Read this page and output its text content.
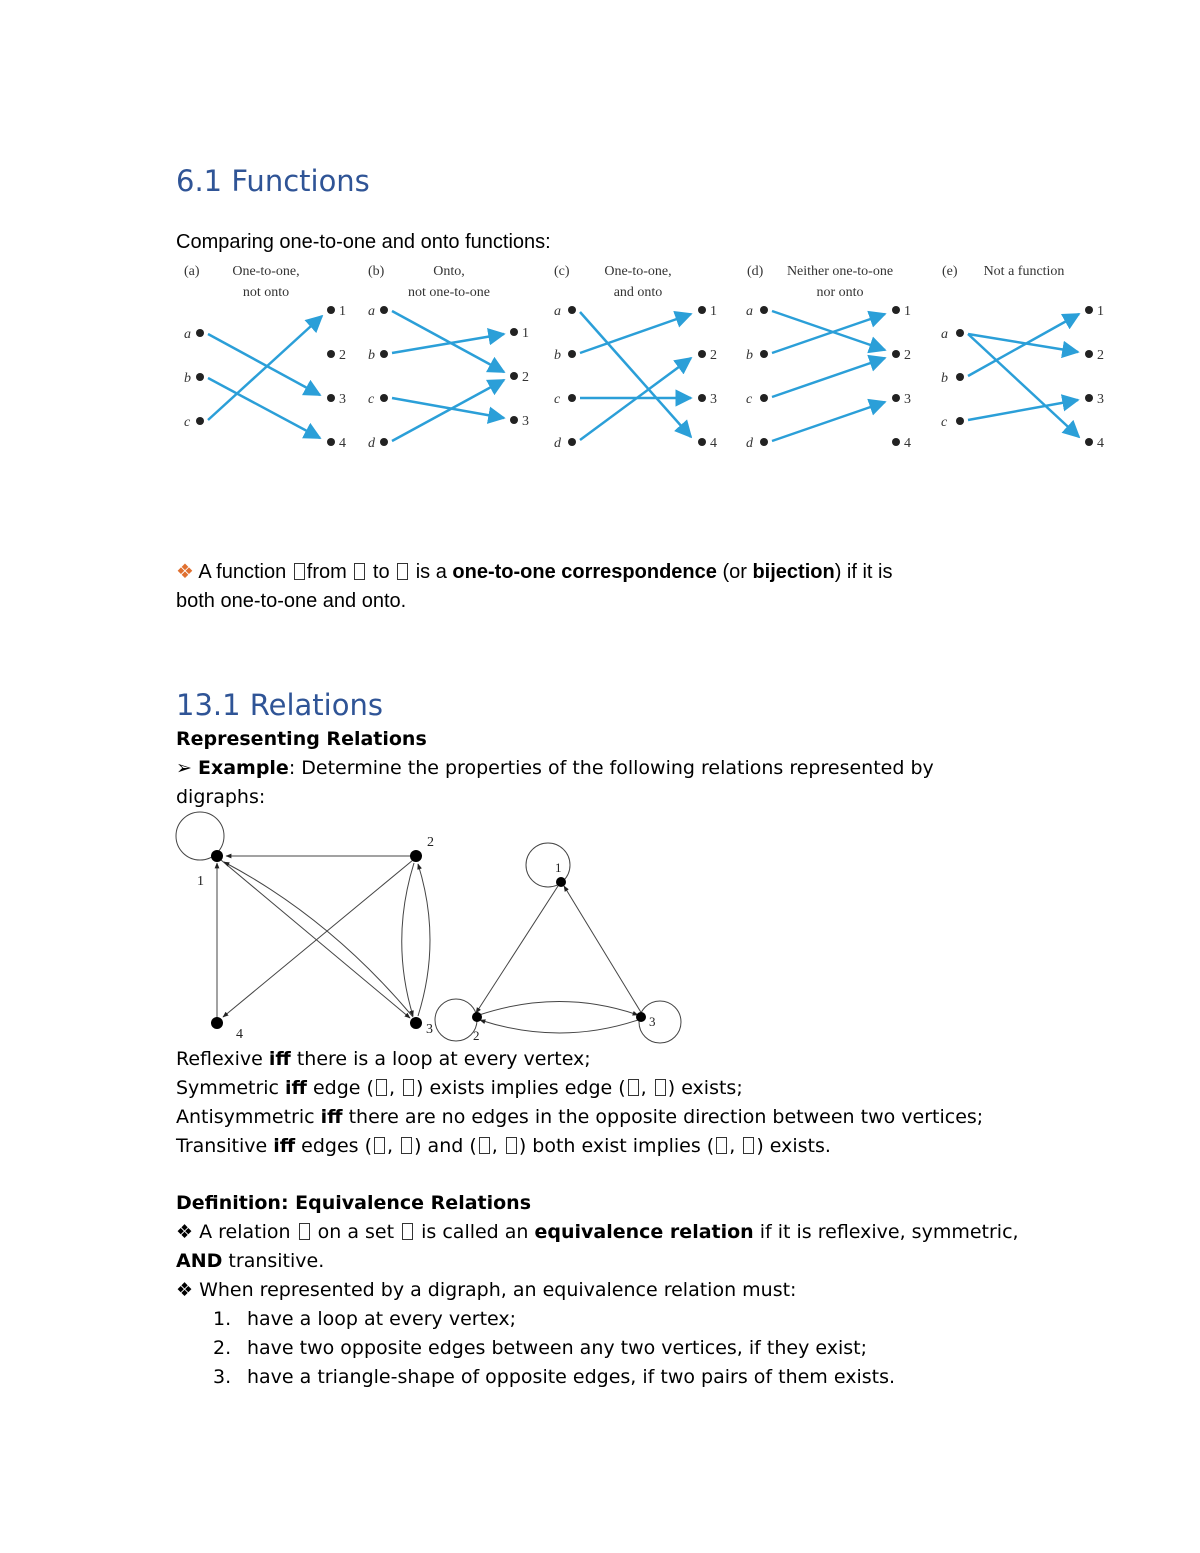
6.1 Functions
Comparing one-to-one and onto functions:
(a) One-to-one,
not onto
(b)	Onto,
not one-to-one
(c) One-to-one,
and onto
(d) Neither one-to-one
nor onto
(e) Not a function
a
b
c
1
2
3
4
a
b
c
d
1
2
3
a
b
c
d
1
2
3
4
a
b
c
d
1
2
3
4
a
b
c
1
2
3
4
❖ A function from  to  is a one-to-one correspondence (or bijection) if it is
both one-to-one and onto.
13.1 Relations
Representing Relations
➢ Example: Determine the properties of the following relations represented by
digraphs:
1
2
3
4
1
2
3
Reflexive iff there is a loop at every vertex;
Symmetric iff edge ( , ) exists implies edge ( , ) exists;
Antisymmetric iff there are no edges in the opposite direction between two vertices;
Transitive iff edges ( , ) and ( , ) both exist implies ( , ) exists.
Definition: Equivalence Relations
❖ A relation  on a set  is called an equivalence relation if it is reflexive, symmetric,
AND transitive.
❖ When represented by a digraph, an equivalence relation must:
1. have a loop at every vertex;
2. have two opposite edges between any two vertices, if they exist;
3. have a triangle-shape of opposite edges, if two pairs of them exists.
